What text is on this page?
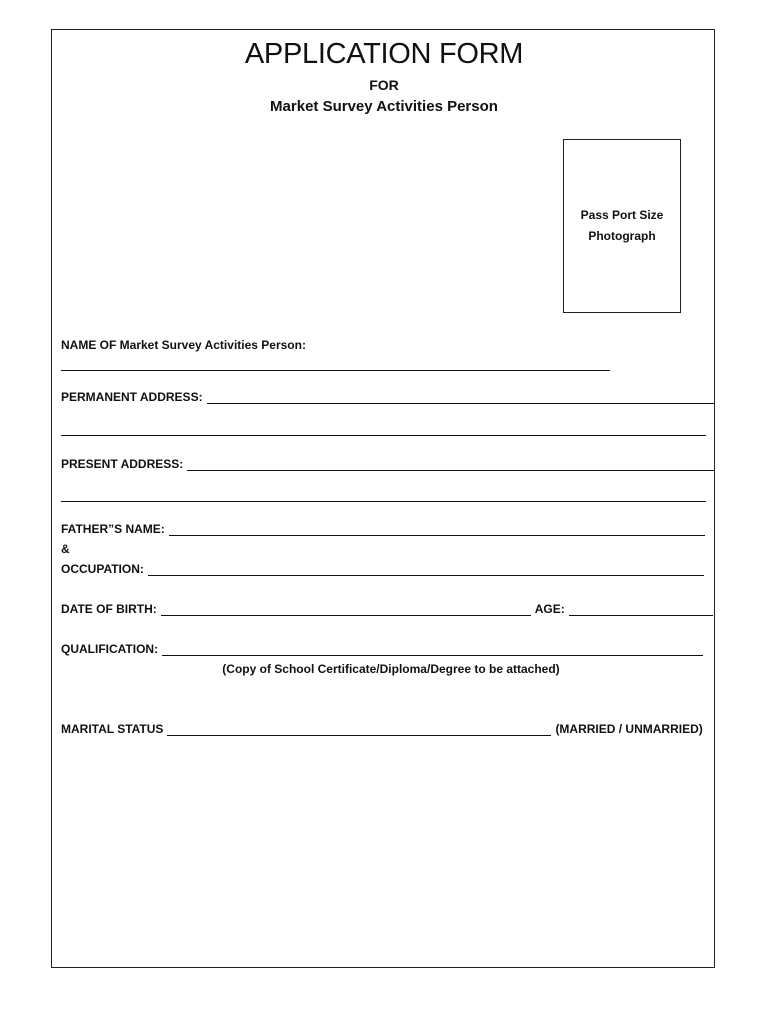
APPLICATION FORM
FOR
Market Survey Activities Person
Pass Port Size
Photograph
NAME OF Market Survey Activities Person:
PERMANENT ADDRESS:
PRESENT ADDRESS:
FATHER”S NAME:
&
OCCUPATION:
DATE OF BIRTH:	AGE:
QUALIFICATION:
(Copy of School Certificate/Diploma/Degree to be attached)
MARITAL STATUS	(MARRIED / UNMARRIED)
